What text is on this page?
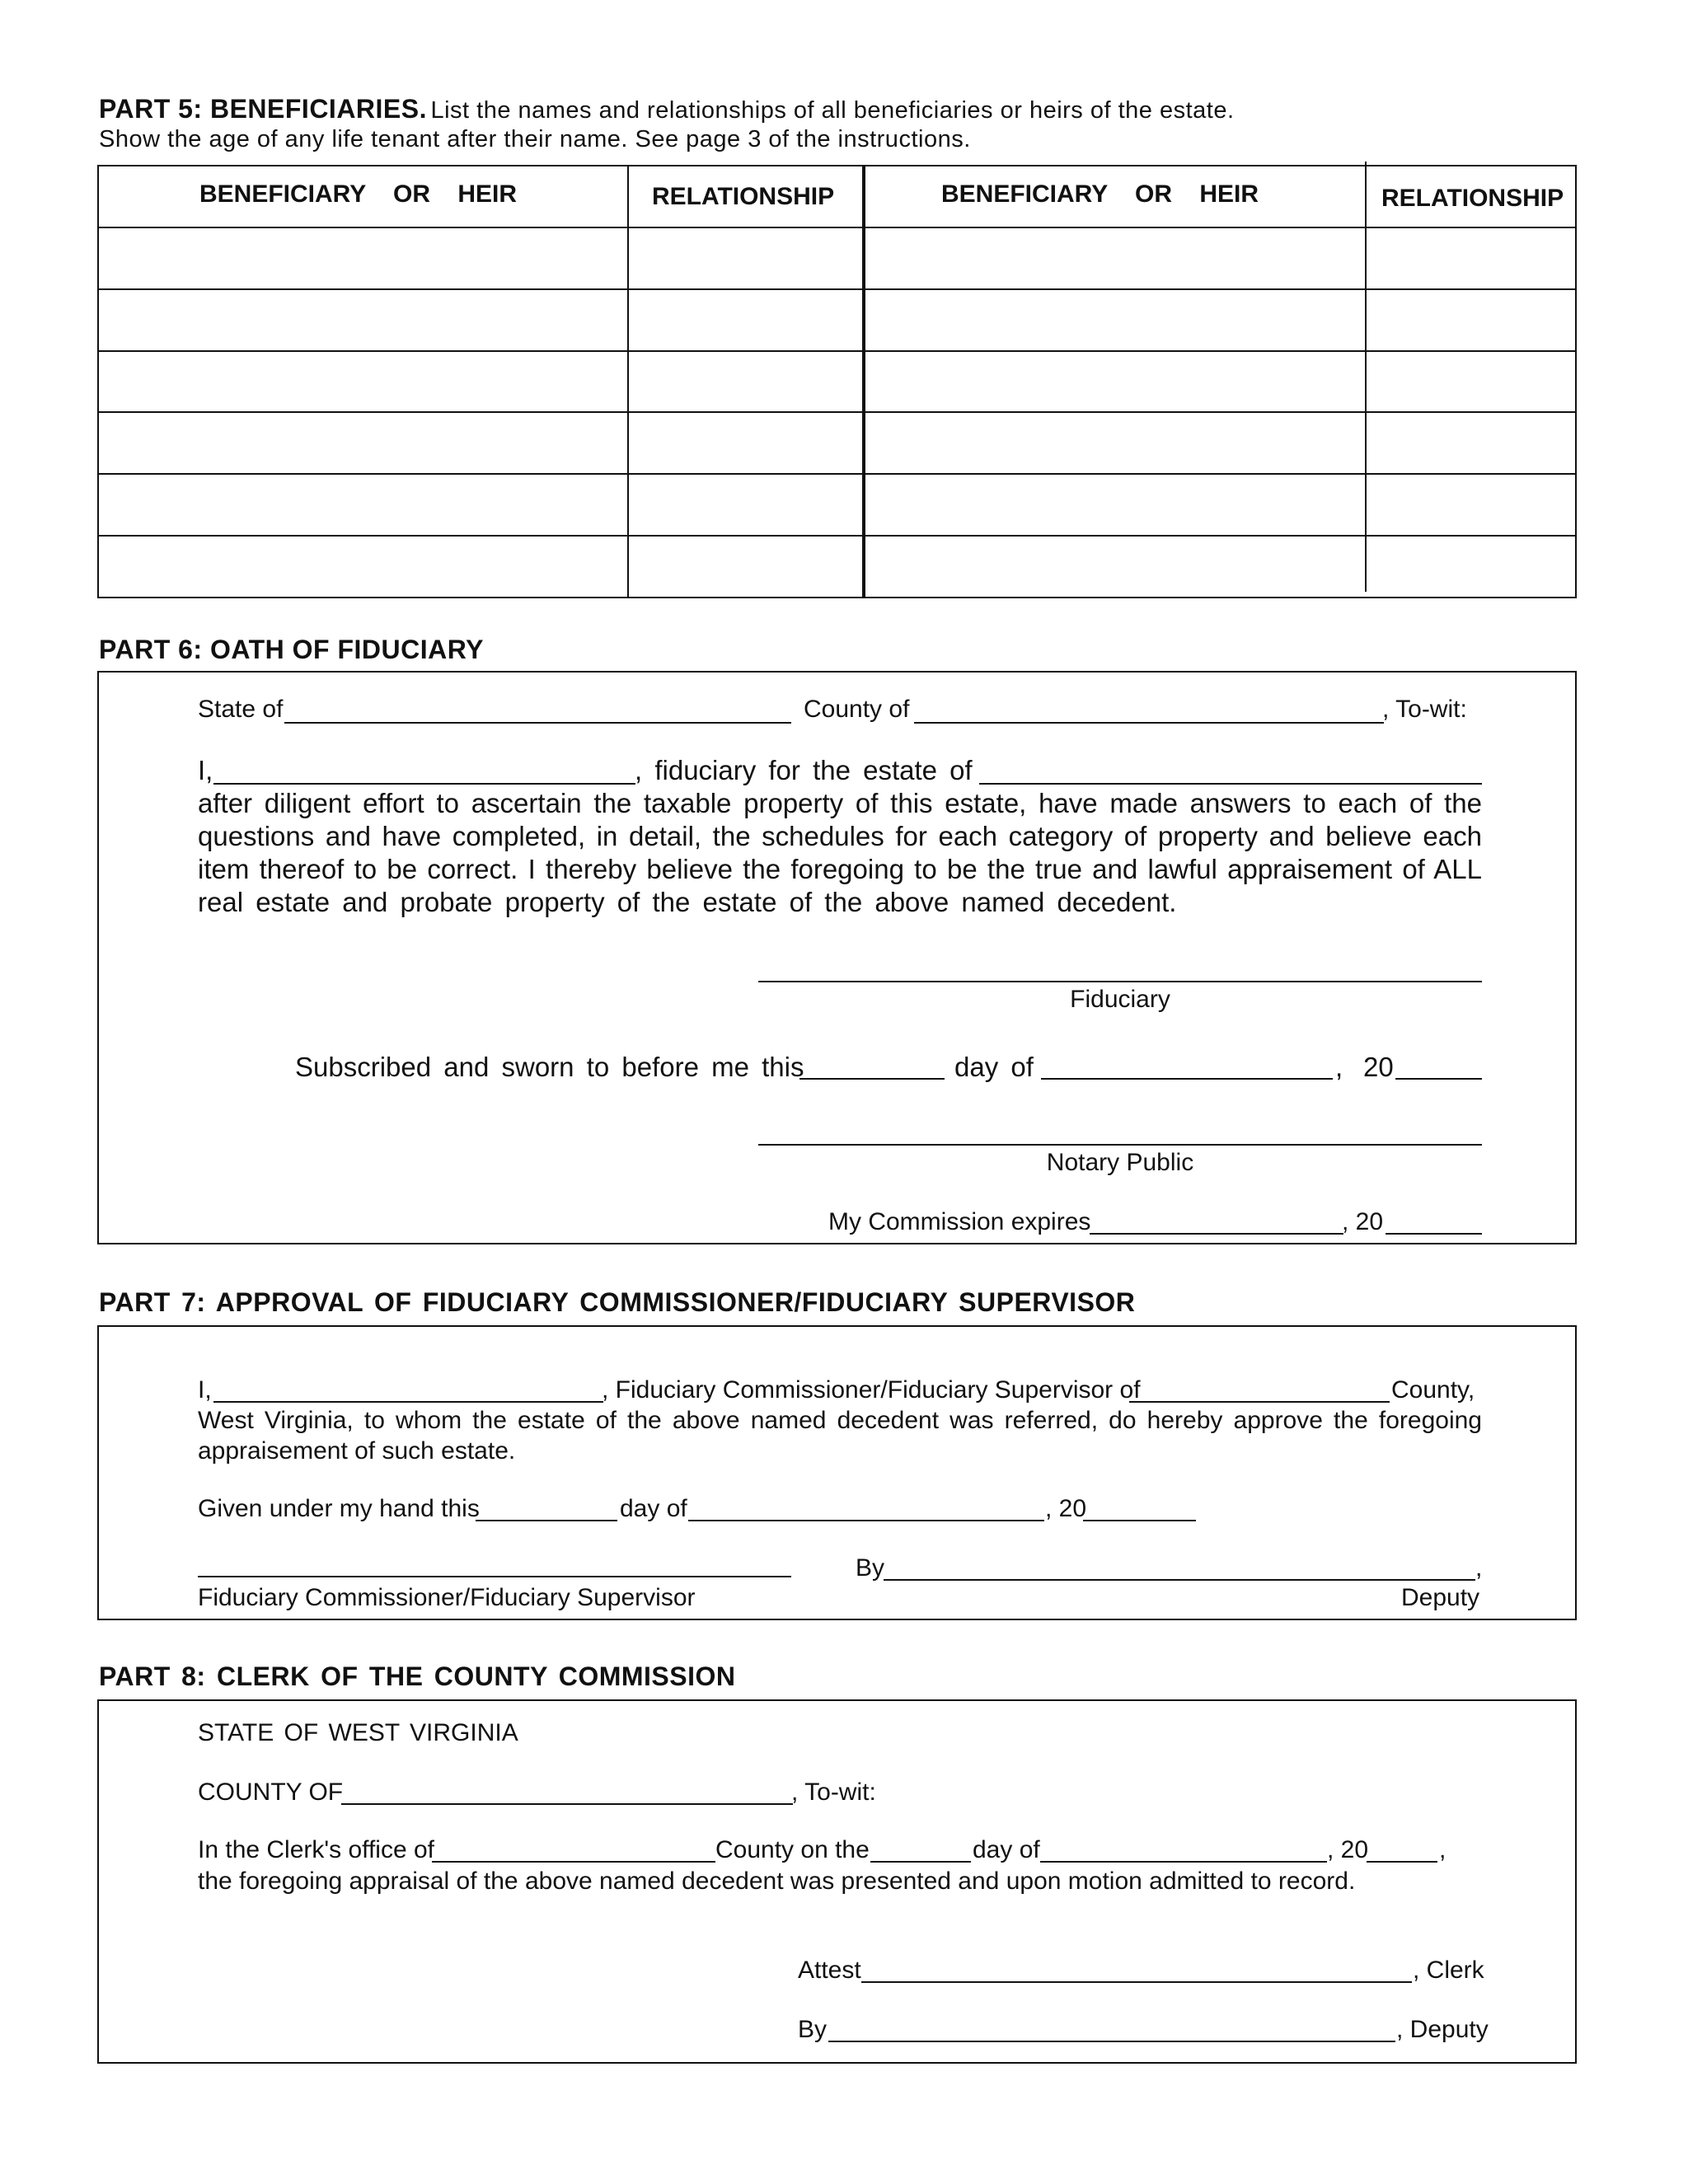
PART 5: BENEFICIARIES. List the names and relationships of all beneficiaries or heirs of the estate.
Show the age of any life tenant after their name. See page 3 of the instructions.
BENEFICIARY    OR    HEIR	RELATIONSHIP	BENEFICIARY    OR    HEIR	RELATIONSHIP
PART 6: OATH OF FIDUCIARY
State of	County of	, To-wit:
I,	, fiduciary for the estate of
after diligent effort to ascertain the taxable property of this estate, have made answers to each of the
questions and have completed, in detail, the schedules for each category of property and believe each
item thereof to be correct. I thereby believe the foregoing to be the true and lawful appraisement of ALL
real estate and probate property of the estate of the above named decedent.
Fiduciary
Subscribed and sworn to before me this	day of	, 20
Notary Public
My Commission expires	, 20
PART 7: APPROVAL OF FIDUCIARY COMMISSIONER/FIDUCIARY SUPERVISOR
I,	, Fiduciary Commissioner/Fiduciary Supervisor of	County,
West Virginia, to whom the estate of the above named decedent was referred, do hereby approve the foregoing
appraisement of such estate.
Given under my hand this	day of	, 20
Fiduciary Commissioner/Fiduciary Supervisor
By	,
Deputy
PART 8: CLERK OF THE COUNTY COMMISSION
STATE OF WEST VIRGINIA
COUNTY OF	, To-wit:
In the Clerk's office of	County on the	day of	, 20	,
the foregoing appraisal of the above named decedent was presented and upon motion admitted to record.
Attest	, Clerk
By	, Deputy
